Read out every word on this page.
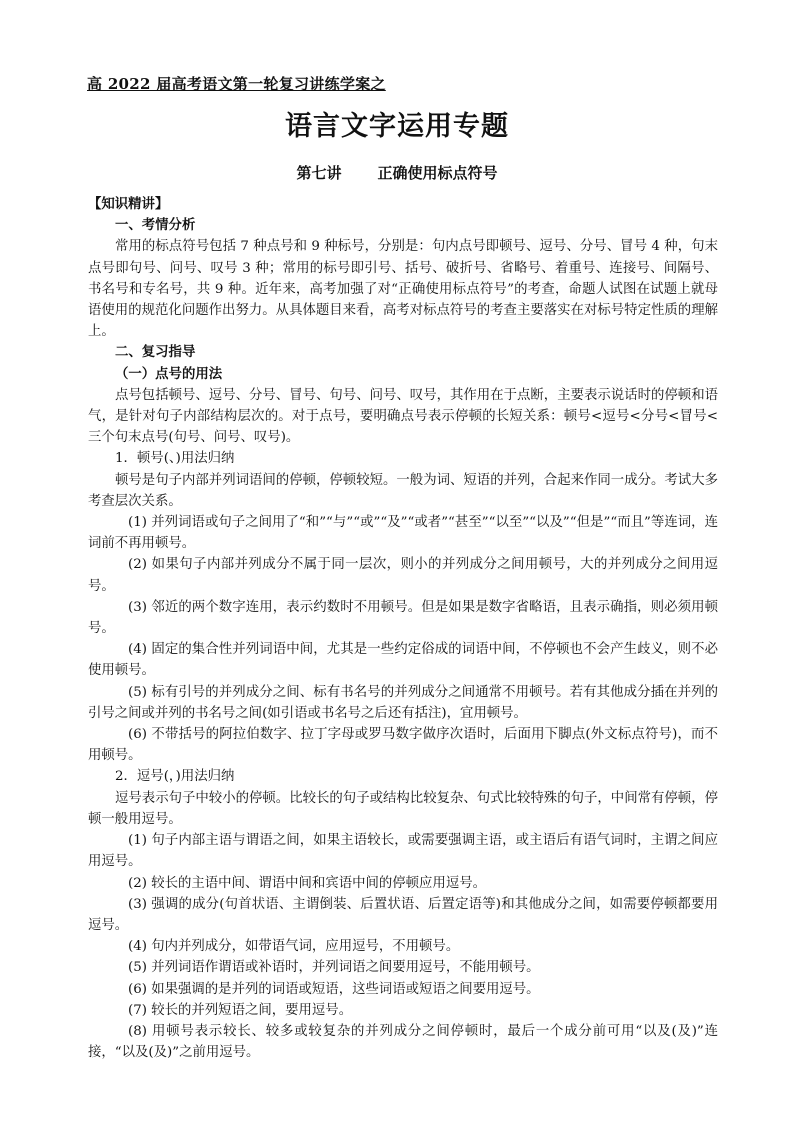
高 2022 届高考语文第一轮复习讲练学案之
语言文字运用专题
第七讲 正确使用标点符号

【知识精讲】

一、考情分析

常用的标点符号包括 7 种点号和 9 种标号，分别是：句内点号即顿号、逗号、分号、冒号 4 种，句末点号即句号、问号、叹号 3 种；常用的标号即引号、括号、破折号、省略号、着重号、连接号、间隔号、书名号和专名号，共 9 种。近年来，高考加强了对“正确使用标点符号”的考查，命题人试图在试题上就母语使用的规范化问题作出努力。从具体题目来看，高考对标点符号的考查主要落实在对标号特定性质的理解上。

二、复习指导

（一）点号的用法

点号包括顿号、逗号、分号、冒号、句号、问号、叹号，其作用在于点断，主要表示说话时的停顿和语气，是针对句子内部结构层次的。对于点号，要明确点号表示停顿的长短关系：顿号<逗号<分号<冒号<三个句末点号(句号、问号、叹号)。

1．顿号(、)用法归纳

顿号是句子内部并列词语间的停顿，停顿较短。一般为词、短语的并列，合起来作同一成分。考试大多考查层次关系。

(1) 并列词语或句子之间用了“和”“与”“或”“及”“或者”“甚至”“以至”“以及”“但是”“而且”等连词，连词前不再用顿号。

(2) 如果句子内部并列成分不属于同一层次，则小的并列成分之间用顿号，大的并列成分之间用逗号。

(3) 邻近的两个数字连用，表示约数时不用顿号。但是如果是数字省略语，且表示确指，则必须用顿号。

(4) 固定的集合性并列词语中间，尤其是一些约定俗成的词语中间，不停顿也不会产生歧义，则不必使用顿号。

(5) 标有引号的并列成分之间、标有书名号的并列成分之间通常不用顿号。若有其他成分插在并列的引号之间或并列的书名号之间(如引语或书名号之后还有括注)，宜用顿号。

(6) 不带括号的阿拉伯数字、拉丁字母或罗马数字做序次语时，后面用下脚点(外文标点符号)，而不用顿号。

2．逗号(，)用法归纳

逗号表示句子中较小的停顿。比较长的句子或结构比较复杂、句式比较特殊的句子，中间常有停顿，停顿一般用逗号。

(1) 句子内部主语与谓语之间，如果主语较长，或需要强调主语，或主语后有语气词时，主谓之间应用逗号。

(2) 较长的主语中间、谓语中间和宾语中间的停顿应用逗号。

(3) 强调的成分(句首状语、主谓倒装、后置状语、后置定语等)和其他成分之间，如需要停顿都要用逗号。

(4) 句内并列成分，如带语气词，应用逗号，不用顿号。

(5) 并列词语作谓语或补语时，并列词语之间要用逗号，不能用顿号。

(6) 如果强调的是并列的词语或短语，这些词语或短语之间要用逗号。

(7) 较长的并列短语之间，要用逗号。

(8) 用顿号表示较长、较多或较复杂的并列成分之间停顿时，最后一个成分前可用“以及(及)”连接，“以及(及)”之前用逗号。
